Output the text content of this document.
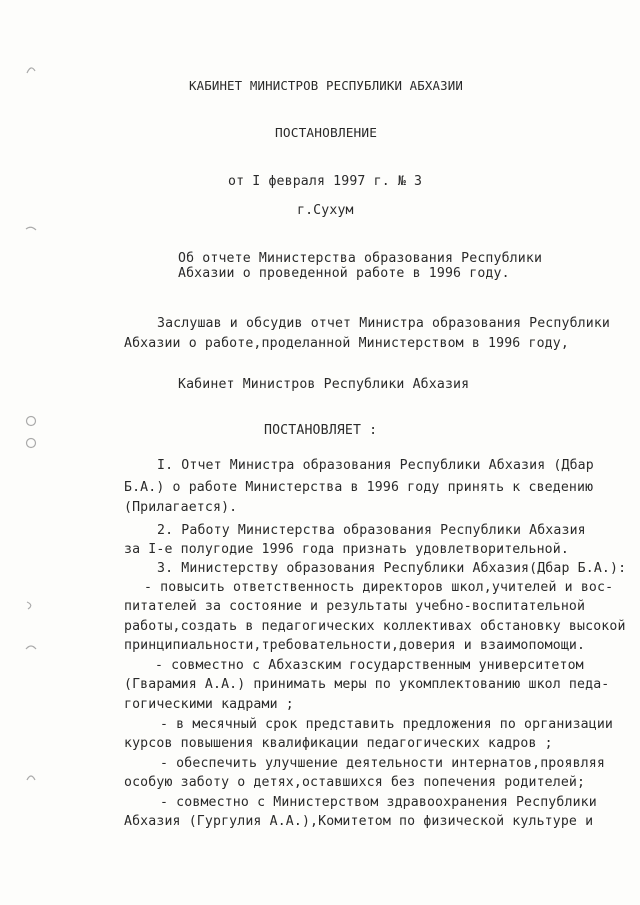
КАБИНЕТ МИНИСТРОВ РЕСПУБЛИКИ АБХАЗИИ
ПОСТАНОВЛЕНИЕ
от I февраля 1997 г. № 3
г.Сухум
Об отчете Министерства образования Республики
Абхазии о проведенной работе в 1996 году.
Заслушав и обсудив отчет Министра образования Республики
Абхазии о работе,проделанной Министерством в 1996 году,
Кабинет Министров Республики Абхазия
ПОСТАНОВЛЯЕТ :
I. Отчет Министра образования Республики Абхазия (Дбар
Б.А.) о работе Министерства в 1996 году принять к сведению
(Прилагается).
2. Работу Министерства образования Республики Абхазия
за I-е полугодие 1996 года признать удовлетворительной.
3. Министерству образования Республики Абхазия(Дбар Б.А.):
- повысить ответственность директоров школ,учителей и вос-
питателей за состояние и результаты учебно-воспитательной
работы,создать в педагогических коллективах обстановку высокой
принципиальности,требовательности,доверия и взаимопомощи.
- совместно с Абхазским государственным университетом
(Гвaрамия А.А.) принимать меры по укомплектованию школ педа-
гогическими кадрами ;
- в месячный срок представить предложения по организации
курсов повышения квалификации педагогических кадров ;
- обеспечить улучшение деятельности интернатов,проявляя
особую заботу о детях,оставшихся без попечения родителей;
- совместно с Министерством здравоохранения Республики
Абхазия (Гургулия А.А.),Комитетом по физической культуре и
